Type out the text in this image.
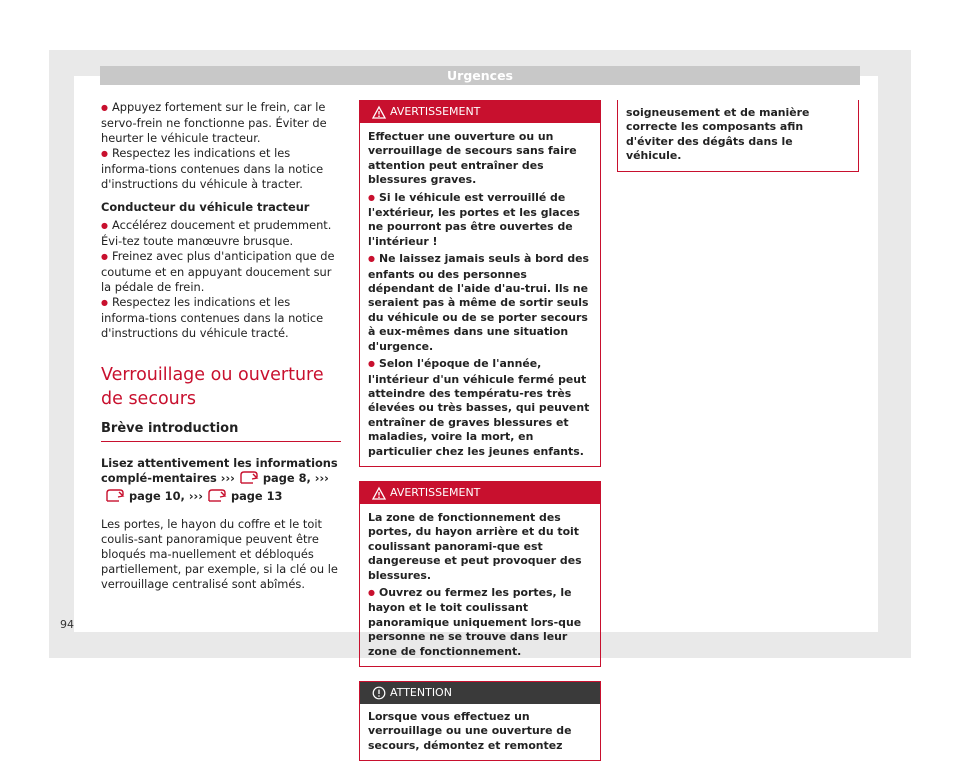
Urgences

● Appuyez fortement sur le frein, car le servo-frein ne fonctionne pas. Éviter de heurter le véhicule tracteur.

● Respectez les indications et les informa-tions contenues dans la notice d'instructions du véhicule à tracter.

Conducteur du véhicule tracteur

● Accélérez doucement et prudemment. Évi-tez toute manœuvre brusque.

● Freinez avec plus d'anticipation que de coutume et en appuyant doucement sur la pédale de frein.

● Respectez les indications et les informa-tions contenues dans la notice d'instructions du véhicule tracté.

Verrouillage ou ouverture de secours
Brève introduction
Lisez attentivement les informations complé-mentaires ››› page 8, ›››page 10, ››› page 13

Les portes, le hayon du coffre et le toit coulis-sant panoramique peuvent être bloqués ma-nuellement et débloqués partiellement, par exemple, si la clé ou le verrouillage centralisé sont abîmés.

AVERTISSEMENT

Effectuer une ouverture ou un verrouillage de secours sans faire attention peut entraîner des blessures graves.

● Si le véhicule est verrouillé de l'extérieur, les portes et les glaces ne pourront pas être ouvertes de l'intérieur !

● Ne laissez jamais seuls à bord des enfants ou des personnes dépendant de l'aide d'au-trui. Ils ne seraient pas à même de sortir seuls du véhicule ou de se porter secours à eux-mêmes dans une situation d'urgence.

● Selon l'époque de l'année, l'intérieur d'un véhicule fermé peut atteindre des températu-res très élevées ou très basses, qui peuvent entraîner de graves blessures et maladies, voire la mort, en particulier chez les jeunes enfants.

AVERTISSEMENT

La zone de fonctionnement des portes, du hayon arrière et du toit coulissant panorami-que est dangereuse et peut provoquer des blessures.

● Ouvrez ou fermez les portes, le hayon et le toit coulissant panoramique uniquement lors-que personne ne se trouve dans leur zone de fonctionnement.

ATTENTION

Lorsque vous effectuez un verrouillage ou une ouverture de secours, démontez et remontez

soigneusement et de manière correcte les composants afin d'éviter des dégâts dans le véhicule.

94
